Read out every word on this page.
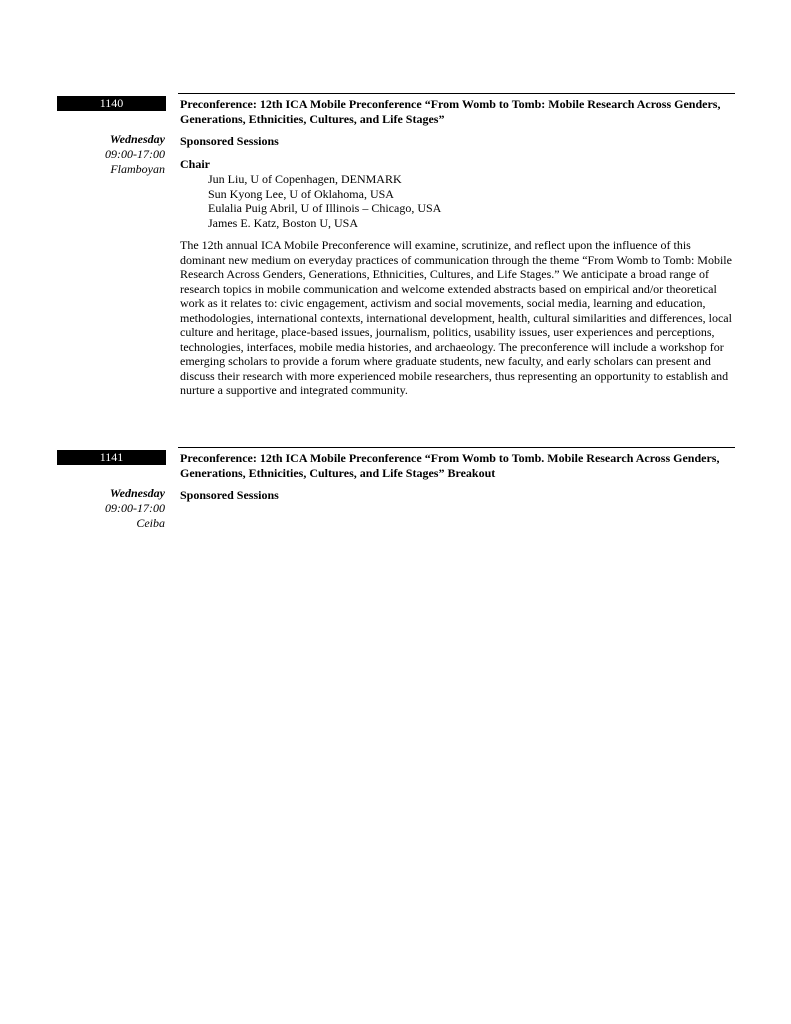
1140
Wednesday
09:00-17:00
Flamboyan

Preconference: 12th ICA Mobile Preconference “From Womb to Tomb: Mobile Research Across Genders, Generations, Ethnicities, Cultures, and Life Stages”

Sponsored Sessions

Chair

Jun Liu, U of Copenhagen, DENMARK
Sun Kyong Lee, U of Oklahoma, USA
Eulalia Puig Abril, U of Illinois – Chicago, USA
James E. Katz, Boston U, USA

The 12th annual ICA Mobile Preconference will examine, scrutinize, and reflect upon the influence of this dominant new medium on everyday practices of communication through the theme “From Womb to Tomb: Mobile Research Across Genders, Generations, Ethnicities, Cultures, and Life Stages.” We anticipate a broad range of research topics in mobile communication and welcome extended abstracts based on empirical and/or theoretical work as it relates to: civic engagement, activism and social movements, social media, learning and education, methodologies, international contexts, international development, health, cultural similarities and differences, local culture and heritage, place-based issues, journalism, politics, usability issues, user experiences and perceptions, technologies, interfaces, mobile media histories, and archaeology. The preconference will include a workshop for emerging scholars to provide a forum where graduate students, new faculty, and early scholars can present and discuss their research with more experienced mobile researchers, thus representing an opportunity to establish and nurture a supportive and integrated community.

1141
Wednesday
09:00-17:00
Ceiba

Preconference: 12th ICA Mobile Preconference “From Womb to Tomb. Mobile Research Across Genders, Generations, Ethnicities, Cultures, and Life Stages” Breakout

Sponsored Sessions
